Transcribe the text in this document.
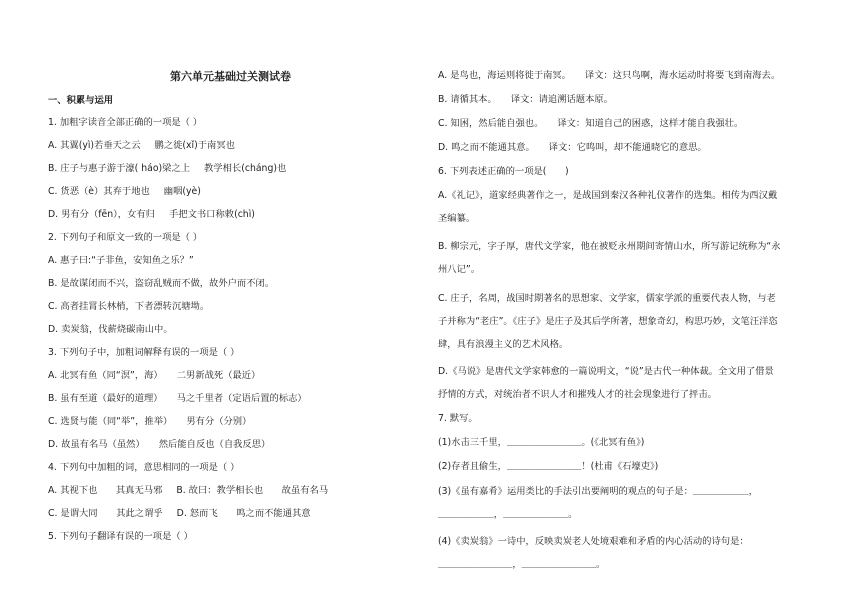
第六单元基础过关测试卷
一、积累与运用
1. 加粗字读音全部正确的一项是（ ）
A. 其翼(yì)若垂天之云 鹏之徙(xǐ)于南冥也
B. 庄子与惠子游于濠( háo)梁之上 教学相长(cháng)也
C. 货恶（è）其弃于地也 幽咽(yè)
D. 男有分（fēn），女有归 手把文书口称敕(chì)
2. 下列句子和原文一致的一项是（ ）
A. 惠子曰:“子非鱼，安知鱼之乐？”
B. 是故谋闭而不兴，盗窃乱贼而不做，故外户而不闭。
C. 高者挂罥长林梢，下者漂转沉塘坳。
D. 卖炭翁，伐薪烧碳南山中。
3. 下列句子中，加粗词解释有误的一项是（ ）
A. 北冥有鱼（同“溟”，海） 二男新战死（最近）
B. 虽有至道（最好的道理） 马之千里者（定语后置的标志）
C. 选贤与能（同“举”，推举） 男有分（分别）
D. 故虽有名马（虽然） 然后能自反也（自我反思）
4. 下列句中加粗的词，意思相同的一项是（ ）
A. 其视下也　　其真无马邪 B. 故曰：教学相长也　　故虽有名马
C. 是谓大同　　其此之谓乎 D. 怒而飞　　鸣之而不能通其意
5. 下列句子翻译有误的一项是（ ）
A. 是鸟也，海运则将徙于南冥。　　译文：这只鸟啊，海水运动时将要飞到南海去。
B. 请循其本。　　译文：请追溯话题本原。
C. 知困，然后能自强也。　　译文：知道自己的困惑，这样才能自我强壮。
D. 鸣之而不能通其意。　　译文：它鸣叫，却不能通晓它的意思。
6. 下列表述正确的一项是(　　)
A.《礼记》，道家经典著作之一，是战国到秦汉各种礼仪著作的选集。相传为西汉戴
圣编纂。
B. 柳宗元，字子厚，唐代文学家，他在被贬永州期间寄情山水，所写游记统称为“永
州八记”。
C. 庄子，名周，战国时期著名的思想家、文学家，儒家学派的重要代表人物，与老
子并称为“老庄”。《庄子》是庄子及其后学所著，想象奇幻，构思巧妙，文笔汪洋恣
肆，具有浪漫主义的艺术风格。
D.《马说》是唐代文学家韩愈的一篇说明文，“说”是古代一种体裁。全文用了借景
抒情的方式，对统治者不识人才和摧残人才的社会现象进行了抨击。
7. 默写。
(1)水击三千里，＿＿＿＿＿＿＿＿。(《北冥有鱼》)
(2)存者且偷生，＿＿＿＿＿＿＿＿！(杜甫《石壕吏》)
(3)《虽有嘉肴》运用类比的手法引出要阐明的观点的句子是：＿＿＿＿＿＿，
＿＿＿＿＿＿，＿＿＿＿＿＿＿。
(4)《卖炭翁》一诗中，反映卖炭老人处境艰难和矛盾的内心活动的诗句是：
＿＿＿＿＿＿＿＿，＿＿＿＿＿＿＿＿。
